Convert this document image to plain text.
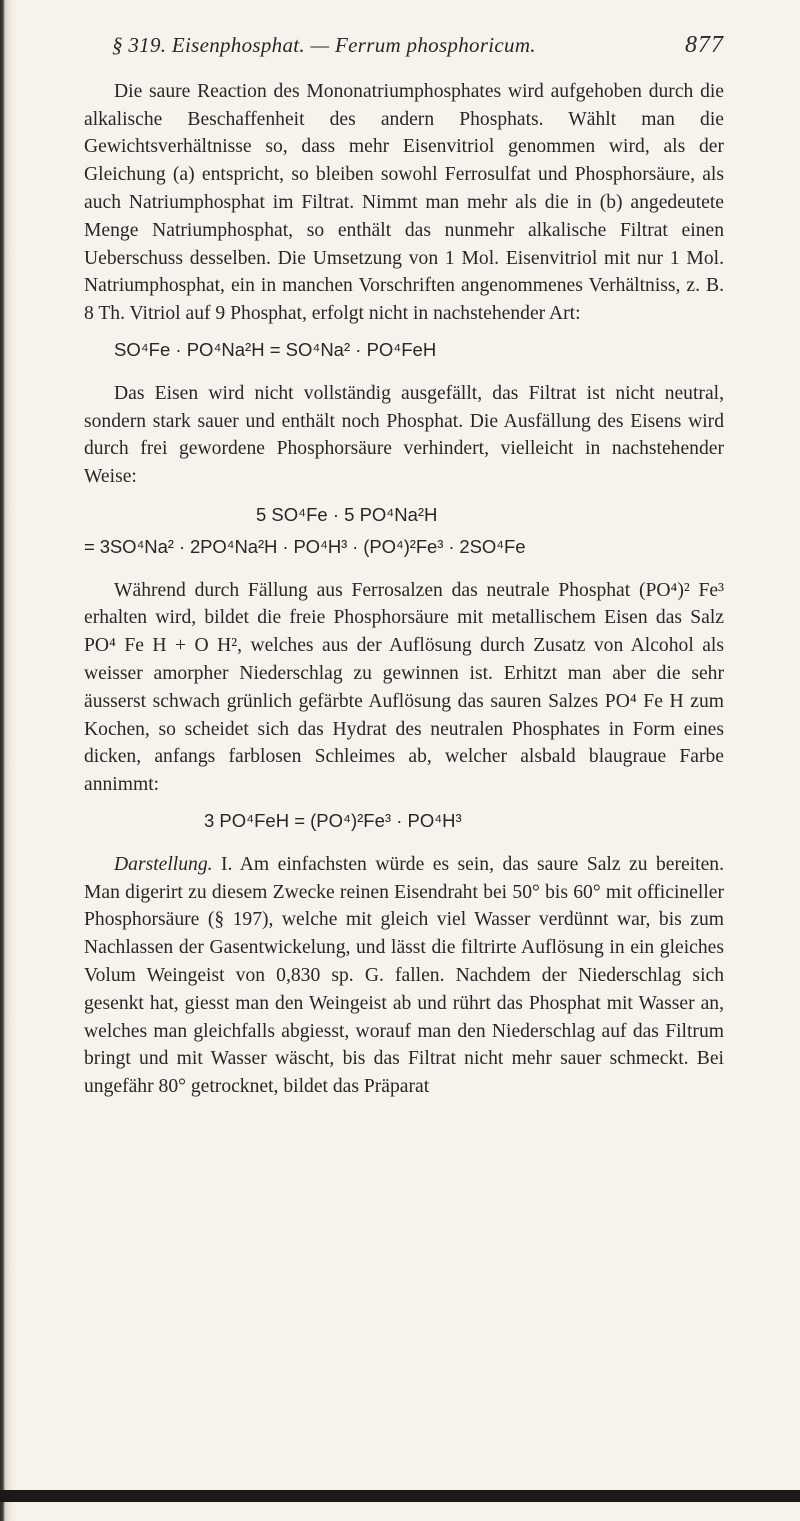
§ 319. Eisenphosphat. — Ferrum phosphoricum.	877

Die saure Reaction des Mononatriumphosphates wird aufgehoben durch die alkalische Beschaffenheit des andern Phosphats. Wählt man die Gewichtsverhältnisse so, dass mehr Eisenvitriol genommen wird, als der Gleichung (a) entspricht, so bleiben sowohl Ferrosulfat und Phosphorsäure, als auch Natriumphosphat im Filtrat. Nimmt man mehr als die in (b) angedeutete Menge Natriumphosphat, so enthält das nunmehr alkalische Filtrat einen Ueberschuss desselben. Die Umsetzung von 1 Mol. Eisenvitriol mit nur 1 Mol. Natriumphosphat, ein in manchen Vorschriften angenommenes Verhältniss, z. B. 8 Th. Vitriol auf 9 Phosphat, erfolgt nicht in nachstehender Art:

SO⁴Fe · PO⁴Na²H = SO⁴Na² · PO⁴FeH

Das Eisen wird nicht vollständig ausgefällt, das Filtrat ist nicht neutral, sondern stark sauer und enthält noch Phosphat. Die Ausfällung des Eisens wird durch frei gewordene Phosphorsäure verhindert, vielleicht in nachstehender Weise:

5 SO⁴Fe · 5 PO⁴Na²H
= 3SO⁴Na² · 2PO⁴Na²H · PO⁴H³ · (PO⁴)²Fe³ · 2SO⁴Fe

Während durch Fällung aus Ferrosalzen das neutrale Phosphat (PO⁴)² Fe³ erhalten wird, bildet die freie Phosphorsäure mit metallischem Eisen das Salz PO⁴ Fe H + O H², welches aus der Auflösung durch Zusatz von Alcohol als weisser amorpher Niederschlag zu gewinnen ist. Erhitzt man aber die sehr äusserst schwach grünlich gefärbte Auflösung das sauren Salzes PO⁴ Fe H zum Kochen, so scheidet sich das Hydrat des neutralen Phosphates in Form eines dicken, anfangs farblosen Schleimes ab, welcher alsbald blaugraue Farbe annimmt:

3 PO⁴FeH = (PO⁴)²Fe³ · PO⁴H³

Darstellung. I. Am einfachsten würde es sein, das saure Salz zu bereiten. Man digerirt zu diesem Zwecke reinen Eisendraht bei 50° bis 60° mit officineller Phosphorsäure (§ 197), welche mit gleich viel Wasser verdünnt war, bis zum Nachlassen der Gasentwickelung, und lässt die filtrirte Auflösung in ein gleiches Volum Weingeist von 0,830 sp. G. fallen. Nachdem der Niederschlag sich gesenkt hat, giesst man den Weingeist ab und rührt das Phosphat mit Wasser an, welches man gleichfalls abgiesst, worauf man den Niederschlag auf das Filtrum bringt und mit Wasser wäscht, bis das Filtrat nicht mehr sauer schmeckt. Bei ungefähr 80° getrocknet, bildet das Präparat
